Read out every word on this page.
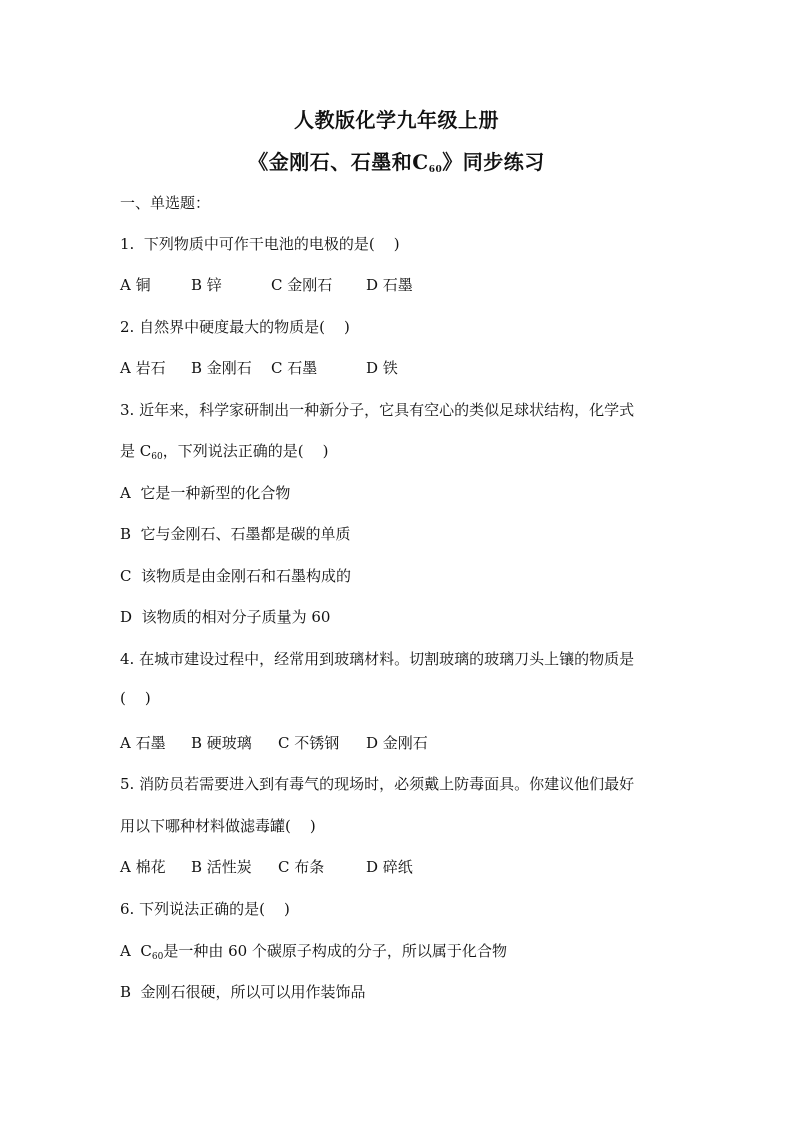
人教版化学九年级上册
《金刚石、石墨和$C_{60}$》同步练习
一、单选题：
1.  下列物质中可作干电池的电极的是(    )
A 铜	B 锌	C 金刚石 D 石墨
2. 自然界中硬度最大的物质是(    )
A 岩石 B 金刚石 C 石墨	D 铁
3. 近年来，科学家研制出一种新分子，它具有空心的类似足球状结构，化学式
是 $C_{60}$，下列说法正确的是(    )
A  它是一种新型的化合物
B  它与金刚石、石墨都是碳的单质
C  该物质是由金刚石和石墨构成的
D  该物质的相对分子质量为 60
4. 在城市建设过程中，经常用到玻璃材料。切割玻璃的玻璃刀头上镶的物质是
(    )
A 石墨 B 硬玻璃 C 不锈钢 D 金刚石
5. 消防员若需要进入到有毒气的现场时，必须戴上防毒面具。你建议他们最好
用以下哪种材料做滤毒罐(    )
A 棉花 B 活性炭 C 布条	D 碎纸
6. 下列说法正确的是(    )
A  $C_{60}$是一种由 60 个碳原子构成的分子，所以属于化合物
B  金刚石很硬，所以可以用作装饰品
